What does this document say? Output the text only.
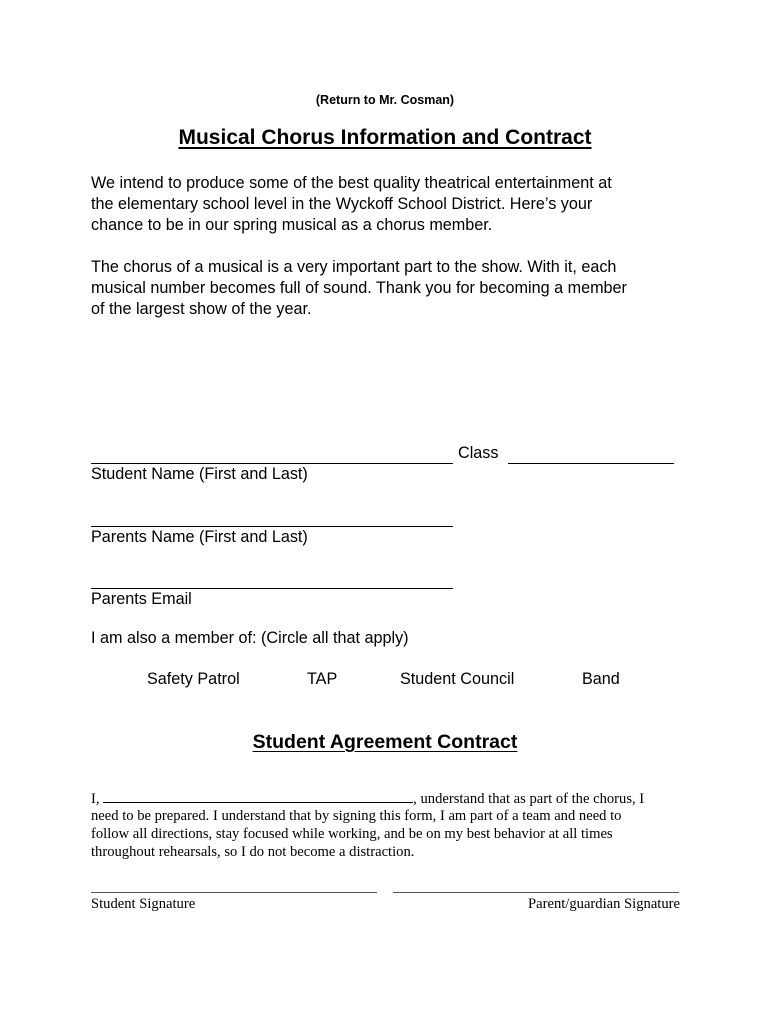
(Return to Mr. Cosman)
Musical Chorus Information and Contract
We intend to produce some of the best quality theatrical entertainment at
the elementary school level in the Wyckoff School District. Here’s your
chance to be in our spring musical as a chorus member.
The chorus of a musical is a very important part to the show. With it, each
musical number becomes full of sound. Thank you for becoming a member
of the largest show of the year.
Class
Student Name (First and Last)
Parents Name (First and Last)
Parents Email
I am also a member of: (Circle all that apply)
Safety Patrol	TAP	Student Council	Band
Student Agreement Contract
I,	, understand that as part of the chorus, I
need to be prepared. I understand that by signing this form, I am part of a team and need to
follow all directions, stay focused while working, and be on my best behavior at all times
throughout rehearsals, so I do not become a distraction.
Student Signature	Parent/guardian Signature
